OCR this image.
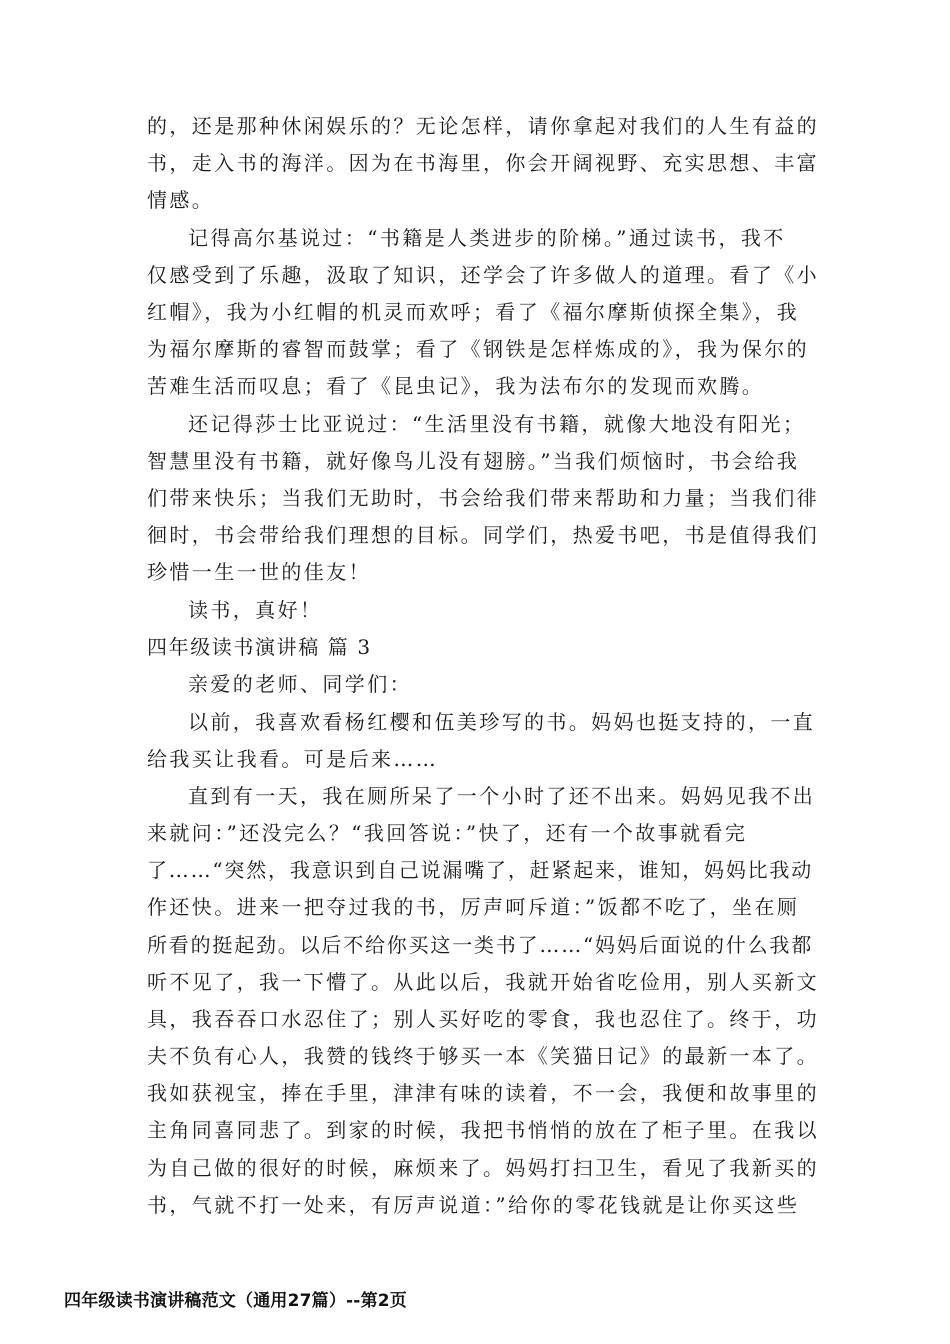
的，还是那种休闲娱乐的？无论怎样，请你拿起对我们的人生有益的
书，走入书的海洋。因为在书海里，你会开阔视野、充实思想、丰富
情感。
记得高尔基说过：“书籍是人类进步的阶梯。”通过读书，我不
仅感受到了乐趣，汲取了知识，还学会了许多做人的道理。看了《小
红帽》，我为小红帽的机灵而欢呼；看了《福尔摩斯侦探全集》，我
为福尔摩斯的睿智而鼓掌；看了《钢铁是怎样炼成的》，我为保尔的
苦难生活而叹息；看了《昆虫记》，我为法布尔的发现而欢腾。
还记得莎士比亚说过：“生活里没有书籍，就像大地没有阳光；
智慧里没有书籍，就好像鸟儿没有翅膀。”当我们烦恼时，书会给我
们带来快乐；当我们无助时，书会给我们带来帮助和力量；当我们徘
徊时，书会带给我们理想的目标。同学们，热爱书吧，书是值得我们
珍惜一生一世的佳友！
读书，真好！
四年级读书演讲稿 篇 3
亲爱的老师、同学们：
以前，我喜欢看杨红樱和伍美珍写的书。妈妈也挺支持的，一直
给我买让我看。可是后来……
直到有一天，我在厕所呆了一个小时了还不出来。妈妈见我不出
来就问：”还没完么？“我回答说：”快了，还有一个故事就看完
了……“突然，我意识到自己说漏嘴了，赶紧起来，谁知，妈妈比我动
作还快。进来一把夺过我的书，厉声呵斥道：”饭都不吃了，坐在厕
所看的挺起劲。以后不给你买这一类书了……“妈妈后面说的什么我都
听不见了，我一下懵了。从此以后，我就开始省吃俭用，别人买新文
具，我吞吞口水忍住了；别人买好吃的零食，我也忍住了。终于，功
夫不负有心人，我赞的钱终于够买一本《笑猫日记》的最新一本了。
我如获视宝，捧在手里，津津有味的读着，不一会，我便和故事里的
主角同喜同悲了。到家的时候，我把书悄悄的放在了柜子里。在我以
为自己做的很好的时候，麻烦来了。妈妈打扫卫生，看见了我新买的
书，气就不打一处来，有厉声说道：”给你的零花钱就是让你买这些
四年级读书演讲稿范文（通用27篇）--第2页
